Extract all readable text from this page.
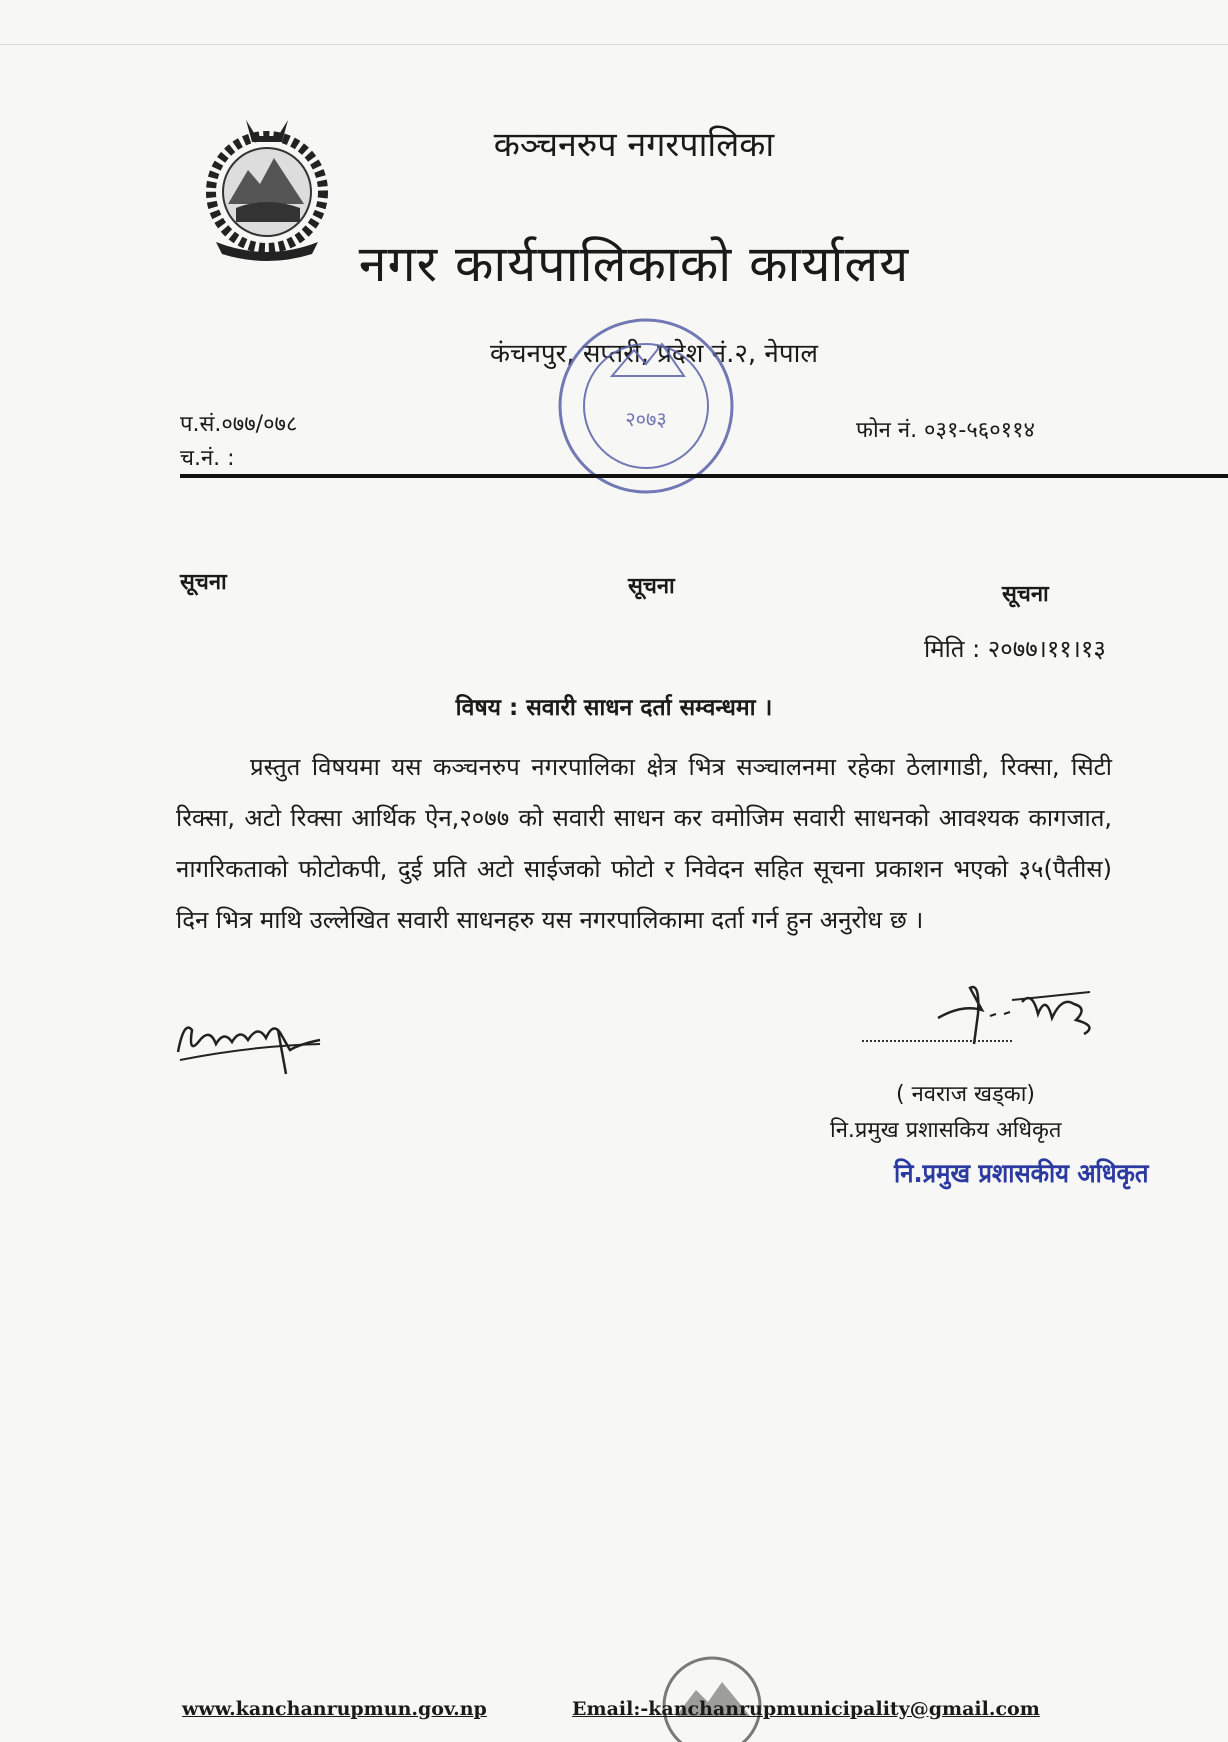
कञ्चनरुप नगरपालिका
नगर कार्यपालिकाको कार्यालय
कंचनपुर, सप्तरी, प्रदेश नं.२, नेपाल
२०७३
प.सं.०७७/०७८
च.नं. :
फोन नं. ०३१-५६०११४
सूचना	सूचना	सूचना
मिति : २०७७।११।१३
विषय : सवारी साधन दर्ता सम्वन्धमा ।
प्रस्तुत विषयमा यस कञ्चनरुप नगरपालिका क्षेत्र भित्र सञ्चालनमा रहेका ठेलागाडी, रिक्सा, सिटी रिक्सा, अटो रिक्सा आर्थिक ऐन,२०७७ को सवारी साधन कर वमोजिम सवारी साधनको आवश्यक कागजात, नागरिकताको फोटोकपी, दुई प्रति अटो साईजको फोटो र निवेदन सहित सूचना प्रकाशन भएको ३५(पैतीस) दिन भित्र माथि उल्लेखित सवारी साधनहरु यस नगरपालिकामा दर्ता गर्न हुन अनुरोध छ ।
( नवराज खड्का)
नि.प्रमुख प्रशासकिय अधिकृत
नि.प्रमुख प्रशासकीय अधिकृत
www.kanchanrupmun.gov.np	Email:-kanchanrupmunicipality@gmail.com
